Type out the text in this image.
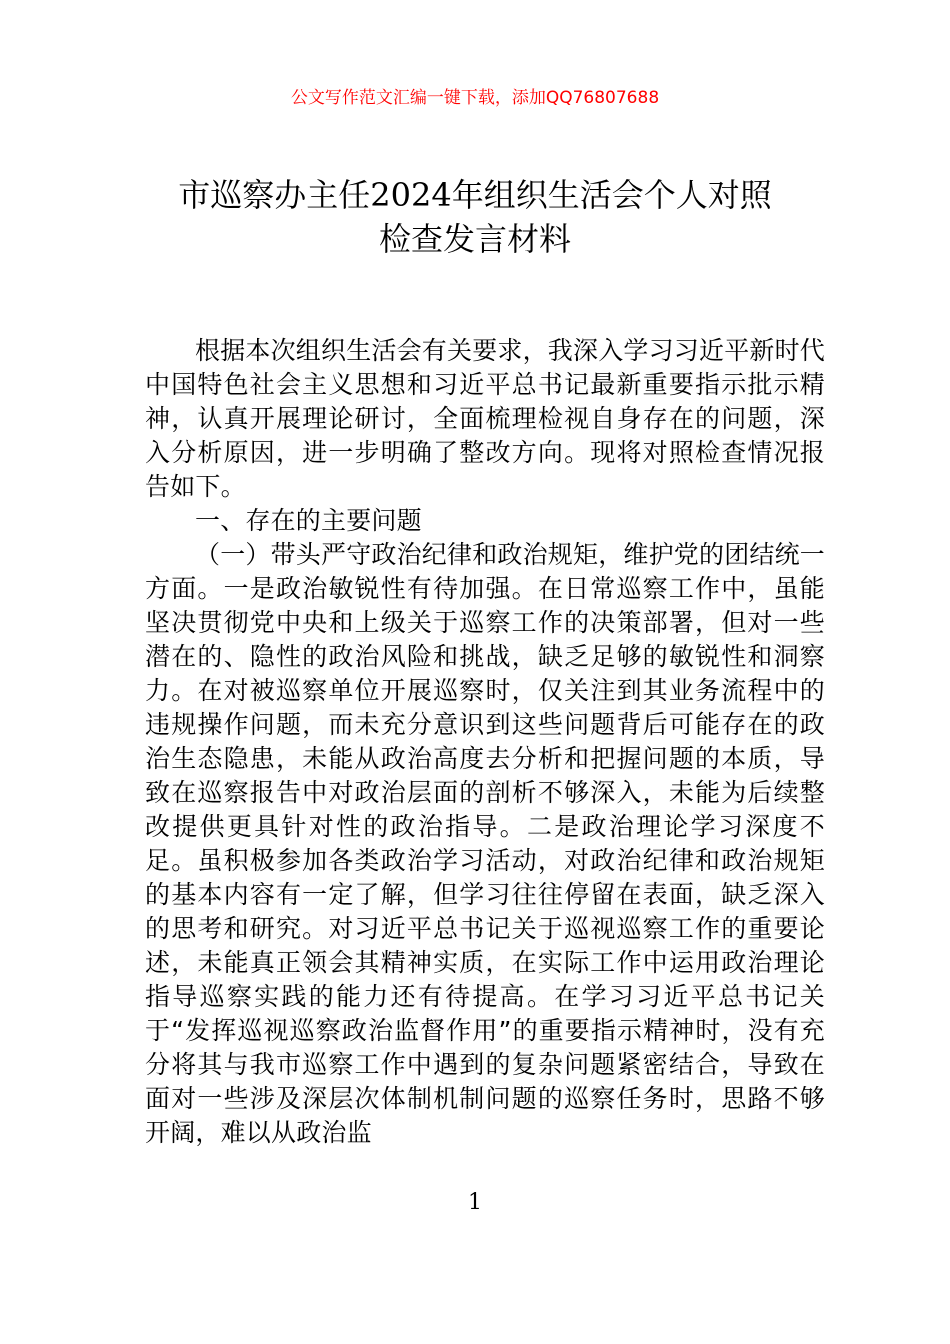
公文写作范文汇编一键下载，添加QQ76807688
市巡察办主任2024年组织生活会个人对照
检查发言材料

根据本次组织生活会有关要求，我深入学习习近平新时代中国特色社会主义思想和习近平总书记最新重要指示批示精神，认真开展理论研讨，全面梳理检视自身存在的问题，深入分析原因，进一步明确了整改方向。现将对照检查情况报告如下。

一、存在的主要问题

（一）带头严守政治纪律和政治规矩，维护党的团结统一方面。一是政治敏锐性有待加强。在日常巡察工作中，虽能坚决贯彻党中央和上级关于巡察工作的决策部署，但对一些潜在的、隐性的政治风险和挑战，缺乏足够的敏锐性和洞察力。在对被巡察单位开展巡察时，仅关注到其业务流程中的违规操作问题，而未充分意识到这些问题背后可能存在的政治生态隐患，未能从政治高度去分析和把握问题的本质，导致在巡察报告中对政治层面的剖析不够深入，未能为后续整改提供更具针对性的政治指导。二是政治理论学习深度不足。虽积极参加各类政治学习活动，对政治纪律和政治规矩的基本内容有一定了解，但学习往往停留在表面，缺乏深入的思考和研究。对习近平总书记关于巡视巡察工作的重要论述，未能真正领会其精神实质，在实际工作中运用政治理论指导巡察实践的能力还有待提高。在学习习近平总书记关于“发挥巡视巡察政治监督作用”的重要指示精神时，没有充分将其与我市巡察工作中遇到的复杂问题紧密结合，导致在面对一些涉及深层次体制机制问题的巡察任务时，思路不够开阔，难以从政治监

1
